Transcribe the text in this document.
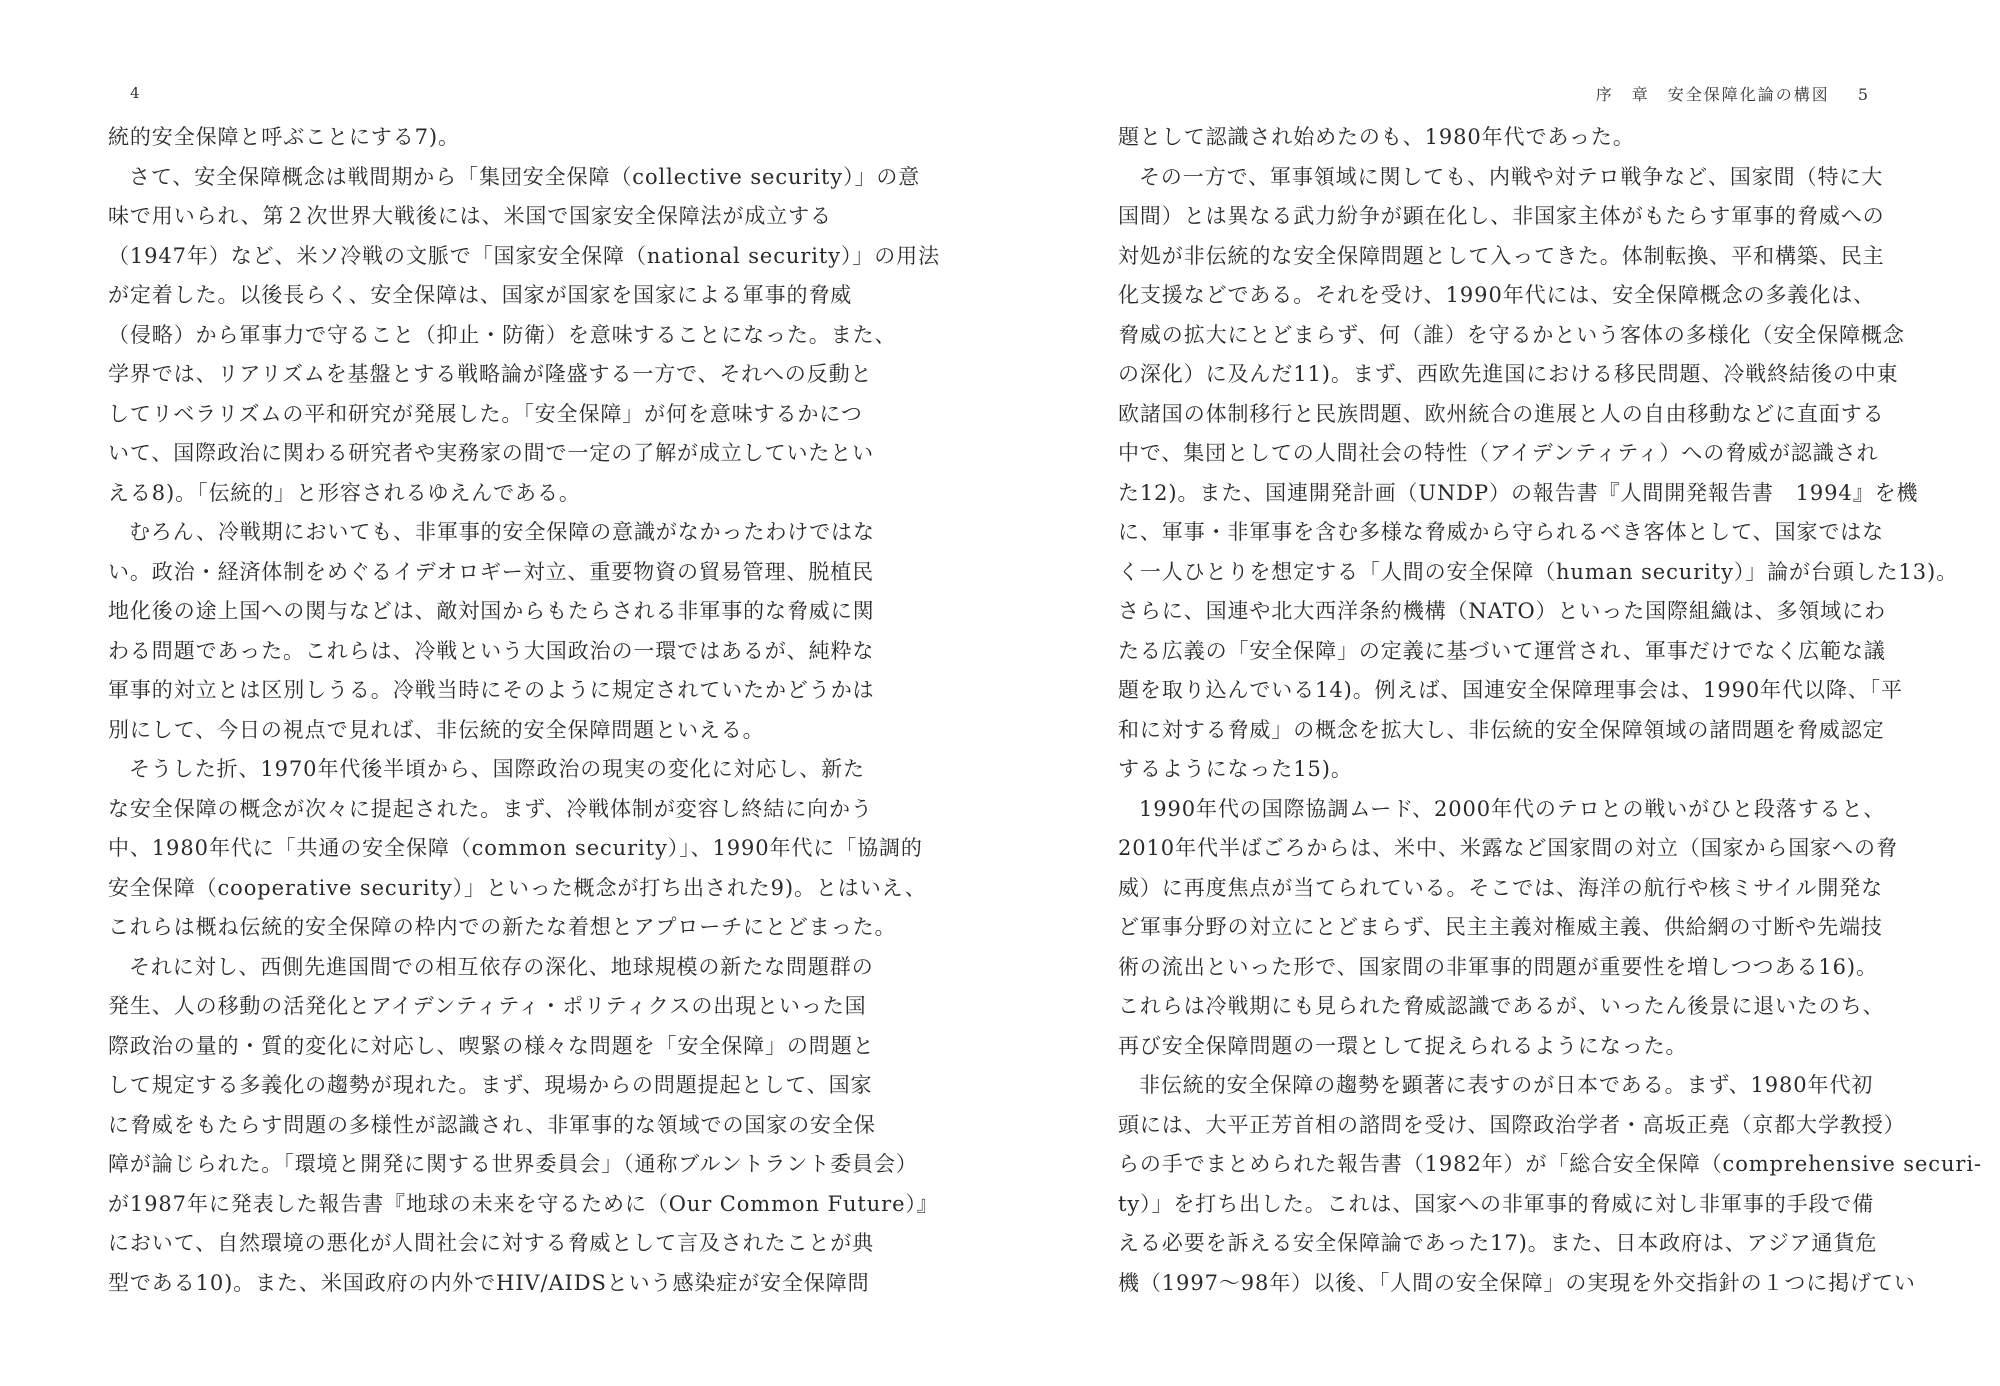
4
統的安全保障と呼ぶことにする7)。
さて、安全保障概念は戦間期から「集団安全保障（collective security）」の意
味で用いられ、第２次世界大戦後には、米国で国家安全保障法が成立する
（1947年）など、米ソ冷戦の文脈で「国家安全保障（national security）」の用法
が定着した。以後長らく、安全保障は、国家が国家を国家による軍事的脅威
（侵略）から軍事力で守ること（抑止・防衛）を意味することになった。また、
学界では、リアリズムを基盤とする戦略論が隆盛する一方で、それへの反動と
してリベラリズムの平和研究が発展した。「安全保障」が何を意味するかにつ
いて、国際政治に関わる研究者や実務家の間で一定の了解が成立していたとい
える8)。「伝統的」と形容されるゆえんである。
むろん、冷戦期においても、非軍事的安全保障の意識がなかったわけではな
い。政治・経済体制をめぐるイデオロギー対立、重要物資の貿易管理、脱植民
地化後の途上国への関与などは、敵対国からもたらされる非軍事的な脅威に関
わる問題であった。これらは、冷戦という大国政治の一環ではあるが、純粋な
軍事的対立とは区別しうる。冷戦当時にそのように規定されていたかどうかは
別にして、今日の視点で見れば、非伝統的安全保障問題といえる。
そうした折、1970年代後半頃から、国際政治の現実の変化に対応し、新た
な安全保障の概念が次々に提起された。まず、冷戦体制が変容し終結に向かう
中、1980年代に「共通の安全保障（common security）」、1990年代に「協調的
安全保障（cooperative security）」といった概念が打ち出された9)。とはいえ、
これらは概ね伝統的安全保障の枠内での新たな着想とアプローチにとどまった。
それに対し、西側先進国間での相互依存の深化、地球規模の新たな問題群の
発生、人の移動の活発化とアイデンティティ・ポリティクスの出現といった国
際政治の量的・質的変化に対応し、喫緊の様々な問題を「安全保障」の問題と
して規定する多義化の趨勢が現れた。まず、現場からの問題提起として、国家
に脅威をもたらす問題の多様性が認識され、非軍事的な領域での国家の安全保
障が論じられた。「環境と開発に関する世界委員会」（通称ブルントラント委員会）
が1987年に発表した報告書『地球の未来を守るために（Our Common Future）』
において、自然環境の悪化が人間社会に対する脅威として言及されたことが典
型である10)。また、米国政府の内外でHIV/AIDSという感染症が安全保障問
序　章　安全保障化論の構図 5
題として認識され始めたのも、1980年代であった。
その一方で、軍事領域に関しても、内戦や対テロ戦争など、国家間（特に大
国間）とは異なる武力紛争が顕在化し、非国家主体がもたらす軍事的脅威への
対処が非伝統的な安全保障問題として入ってきた。体制転換、平和構築、民主
化支援などである。それを受け、1990年代には、安全保障概念の多義化は、
脅威の拡大にとどまらず、何（誰）を守るかという客体の多様化（安全保障概念
の深化）に及んだ11)。まず、西欧先進国における移民問題、冷戦終結後の中東
欧諸国の体制移行と民族問題、欧州統合の進展と人の自由移動などに直面する
中で、集団としての人間社会の特性（アイデンティティ）への脅威が認識され
た12)。また、国連開発計画（UNDP）の報告書『人間開発報告書　1994』を機
に、軍事・非軍事を含む多様な脅威から守られるべき客体として、国家ではな
く一人ひとりを想定する「人間の安全保障（human security）」論が台頭した13)。
さらに、国連や北大西洋条約機構（NATO）といった国際組織は、多領域にわ
たる広義の「安全保障」の定義に基づいて運営され、軍事だけでなく広範な議
題を取り込んでいる14)。例えば、国連安全保障理事会は、1990年代以降、「平
和に対する脅威」の概念を拡大し、非伝統的安全保障領域の諸問題を脅威認定
するようになった15)。
1990年代の国際協調ムード、2000年代のテロとの戦いがひと段落すると、
2010年代半ばごろからは、米中、米露など国家間の対立（国家から国家への脅
威）に再度焦点が当てられている。そこでは、海洋の航行や核ミサイル開発な
ど軍事分野の対立にとどまらず、民主主義対権威主義、供給網の寸断や先端技
術の流出といった形で、国家間の非軍事的問題が重要性を増しつつある16)。
これらは冷戦期にも見られた脅威認識であるが、いったん後景に退いたのち、
再び安全保障問題の一環として捉えられるようになった。
非伝統的安全保障の趨勢を顕著に表すのが日本である。まず、1980年代初
頭には、大平正芳首相の諮問を受け、国際政治学者・高坂正堯（京都大学教授）
らの手でまとめられた報告書（1982年）が「総合安全保障（comprehensive securi-
ty）」を打ち出した。これは、国家への非軍事的脅威に対し非軍事的手段で備
える必要を訴える安全保障論であった17)。また、日本政府は、アジア通貨危
機（1997～98年）以後、「人間の安全保障」の実現を外交指針の１つに掲げてい
